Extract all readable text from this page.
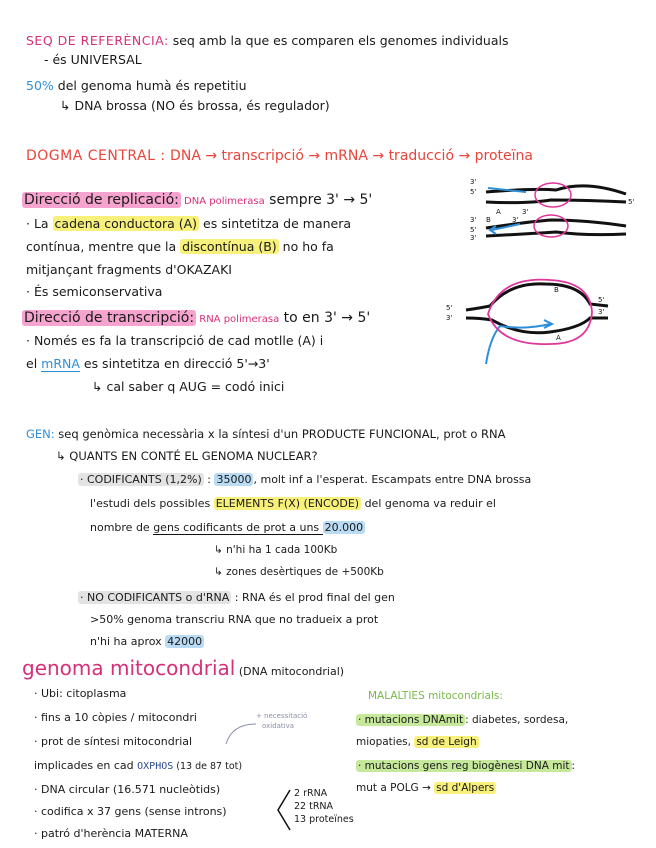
SEQ DE REFERÈNCIA: seq amb la que es comparen els genomes individuals
- és UNIVERSAL
50% del genoma humà és repetitiu
↳ DNA brossa (NO és brossa, és regulador)
DOGMA CENTRAL : DNA → transcripció → mRNA → traducció → proteïna
Direcció de replicació: DNA polimerasa sempre 3' → 5'
· La cadena conductora (A) es sintetitza de manera
contínua, mentre que la discontínua (B) no ho fa
mitjançant fragments d'OKAZAKI
· És semiconservativa
3'
5'
A	3'
5'
3' B	3'
5'
3'
Direcció de transcripció: RNA polimerasa to en 3' → 5'
· Només es fa la transcripció de cad motlle (A) i
el mRNA es sintetitza en direcció 5'→3'
↳ cal saber q AUG = codó inici
5'
3'
B
A
5'
3'
GEN: seq genòmica necessària x la síntesi d'un PRODUCTE FUNCIONAL, prot o RNA
↳ QUANTS EN CONTÉ EL GENOMA NUCLEAR?
· CODIFICANTS (1,2%) : 35000 , molt inf a l'esperat. Escampats entre DNA brossa
l'estudi dels possibles ELEMENTS F(X) (ENCODE) del genoma va reduir el
nombre de gens codificants de prot a uns 20.000
↳ n'hi ha 1 cada 100Kb
↳ zones desèrtiques de +500Kb
· NO CODIFICANTS o d'RNA : RNA és el prod final del gen
>50% genoma transcriu RNA que no tradueix a prot
n'hi ha aprox 42000
genoma mitocondrial (DNA mitocondrial)
· Ubi: citoplasma
· fins a 10 còpies / mitocondri
· prot de síntesi mitocondrial
implicades en cad OXPHOS (13 de 87 tot)
· DNA circular (16.571 nucleòtids)
· codifica x 37 gens (sense introns)
· patró d'herència MATERNA
+ necessitació
oxidativa
2 rRNA
22 tRNA
13 proteïnes
MALALTIES mitocondrials:
· mutacions DNAmit : diabetes, sordesa,
miopaties, sd de Leigh
· mutacions gens reg biogènesi DNA mit :
mut a POLG → sd d'Alpers
